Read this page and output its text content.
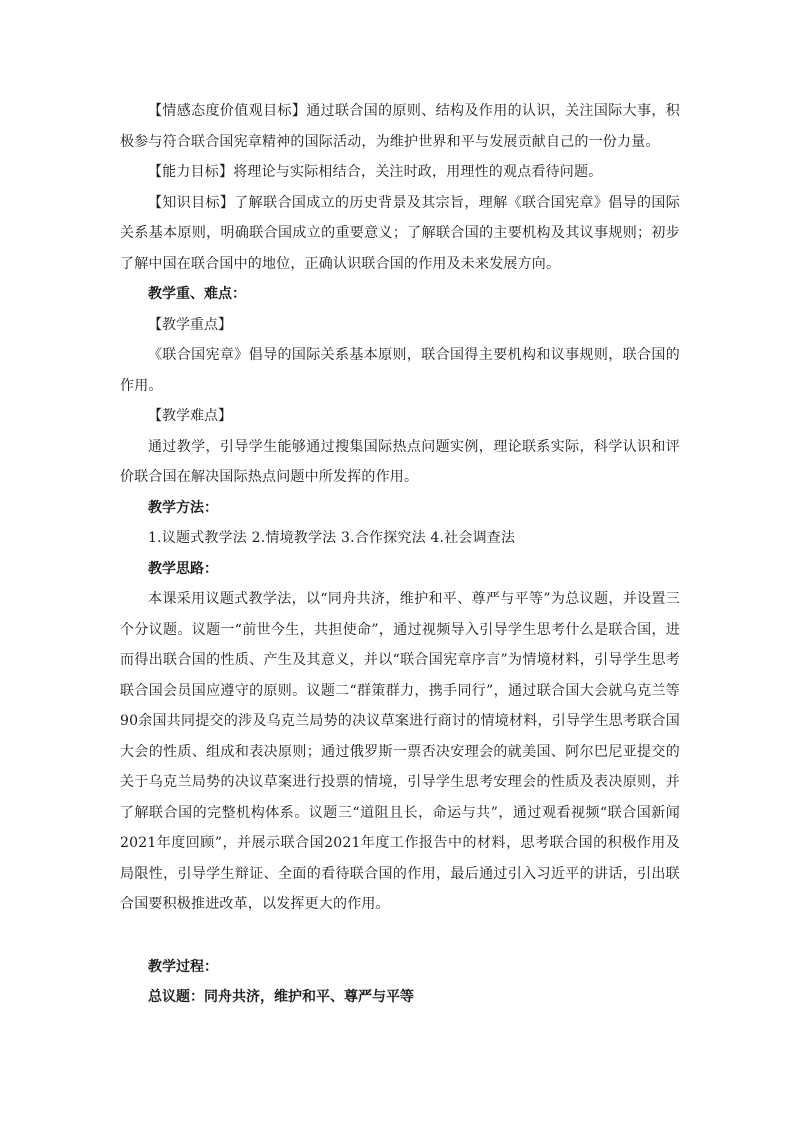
【情感态度价值观目标】通过联合国的原则、结构及作用的认识，关注国际大事，积极参与符合联合国宪章精神的国际活动，为维护世界和平与发展贡献自己的一份力量。

【能力目标】将理论与实际相结合，关注时政，用理性的观点看待问题。

【知识目标】了解联合国成立的历史背景及其宗旨，理解《联合国宪章》倡导的国际关系基本原则，明确联合国成立的重要意义；了解联合国的主要机构及其议事规则；初步了解中国在联合国中的地位，正确认识联合国的作用及未来发展方向。

教学重、难点：

【教学重点】

《联合国宪章》倡导的国际关系基本原则，联合国得主要机构和议事规则，联合国的作用。

【教学难点】

通过教学，引导学生能够通过搜集国际热点问题实例，理论联系实际，科学认识和评价联合国在解决国际热点问题中所发挥的作用。

教学方法：

1.议题式教学法 2.情境教学法 3.合作探究法 4.社会调查法

教学思路：

本课采用议题式教学法，以“同舟共济，维护和平、尊严与平等”为总议题，并设置三个分议题。议题一“前世今生，共担使命”，通过视频导入引导学生思考什么是联合国，进而得出联合国的性质、产生及其意义，并以“联合国宪章序言”为情境材料，引导学生思考联合国会员国应遵守的原则。议题二“群策群力，携手同行”，通过联合国大会就乌克兰等90余国共同提交的涉及乌克兰局势的决议草案进行商讨的情境材料，引导学生思考联合国大会的性质、组成和表决原则；通过俄罗斯一票否决安理会的就美国、阿尔巴尼亚提交的关于乌克兰局势的决议草案进行投票的情境，引导学生思考安理会的性质及表决原则，并了解联合国的完整机构体系。议题三“道阻且长，命运与共”，通过观看视频“联合国新闻2021年度回顾”，并展示联合国2021年度工作报告中的材料，思考联合国的积极作用及局限性，引导学生辩证、全面的看待联合国的作用，最后通过引入习近平的讲话，引出联合国要积极推进改革，以发挥更大的作用。

教学过程：

总议题：同舟共济，维护和平、尊严与平等
